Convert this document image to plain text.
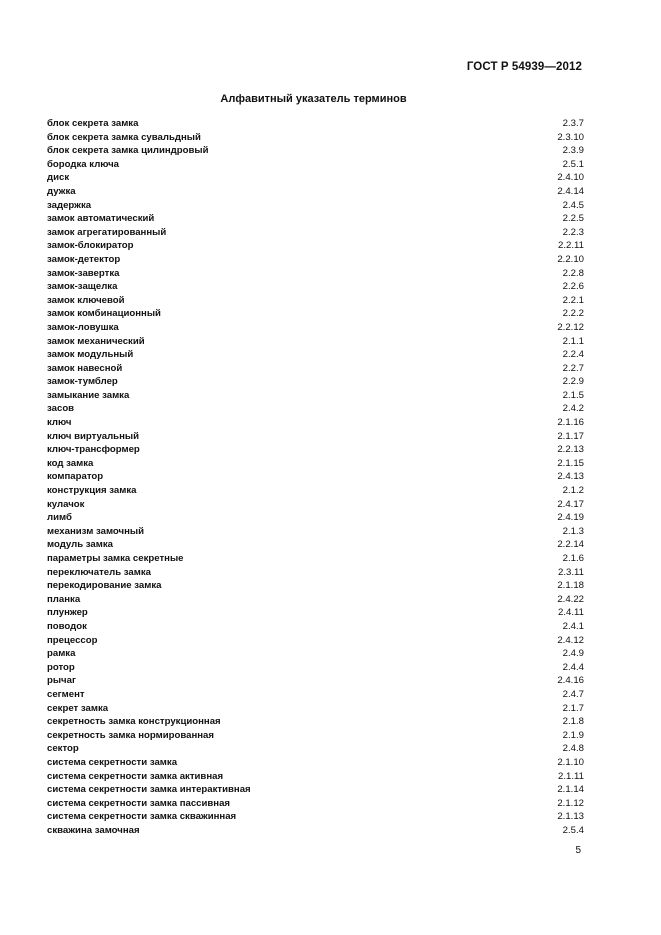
ГОСТ Р 54939—2012
Алфавитный указатель терминов
блок секрета замка	2.3.7
блок секрета замка сувальдный	2.3.10
блок секрета замка цилиндровый	2.3.9
бородка ключа	2.5.1
диск	2.4.10
дужка	2.4.14
задержка	2.4.5
замок автоматический	2.2.5
замок агрегатированный	2.2.3
замок-блокиратор	2.2.11
замок-детектор	2.2.10
замок-завертка	2.2.8
замок-защелка	2.2.6
замок ключевой	2.2.1
замок комбинационный	2.2.2
замок-ловушка	2.2.12
замок механический	2.1.1
замок модульный	2.2.4
замок навесной	2.2.7
замок-тумблер	2.2.9
замыкание замка	2.1.5
засов	2.4.2
ключ	2.1.16
ключ виртуальный	2.1.17
ключ-трансформер	2.2.13
код замка	2.1.15
компаратор	2.4.13
конструкция замка	2.1.2
кулачок	2.4.17
лимб	2.4.19
механизм замочный	2.1.3
модуль замка	2.2.14
параметры замка секретные	2.1.6
переключатель замка	2.3.11
перекодирование замка	2.1.18
планка	2.4.22
плунжер	2.4.11
поводок	2.4.1
прецессор	2.4.12
рамка	2.4.9
ротор	2.4.4
рычаг	2.4.16
сегмент	2.4.7
секрет замка	2.1.7
секретность замка конструкционная	2.1.8
секретность замка нормированная	2.1.9
сектор	2.4.8
система секретности замка	2.1.10
система секретности замка активная	2.1.11
система секретности замка интерактивная	2.1.14
система секретности замка пассивная	2.1.12
система секретности замка скважинная	2.1.13
скважина замочная	2.5.4
5
